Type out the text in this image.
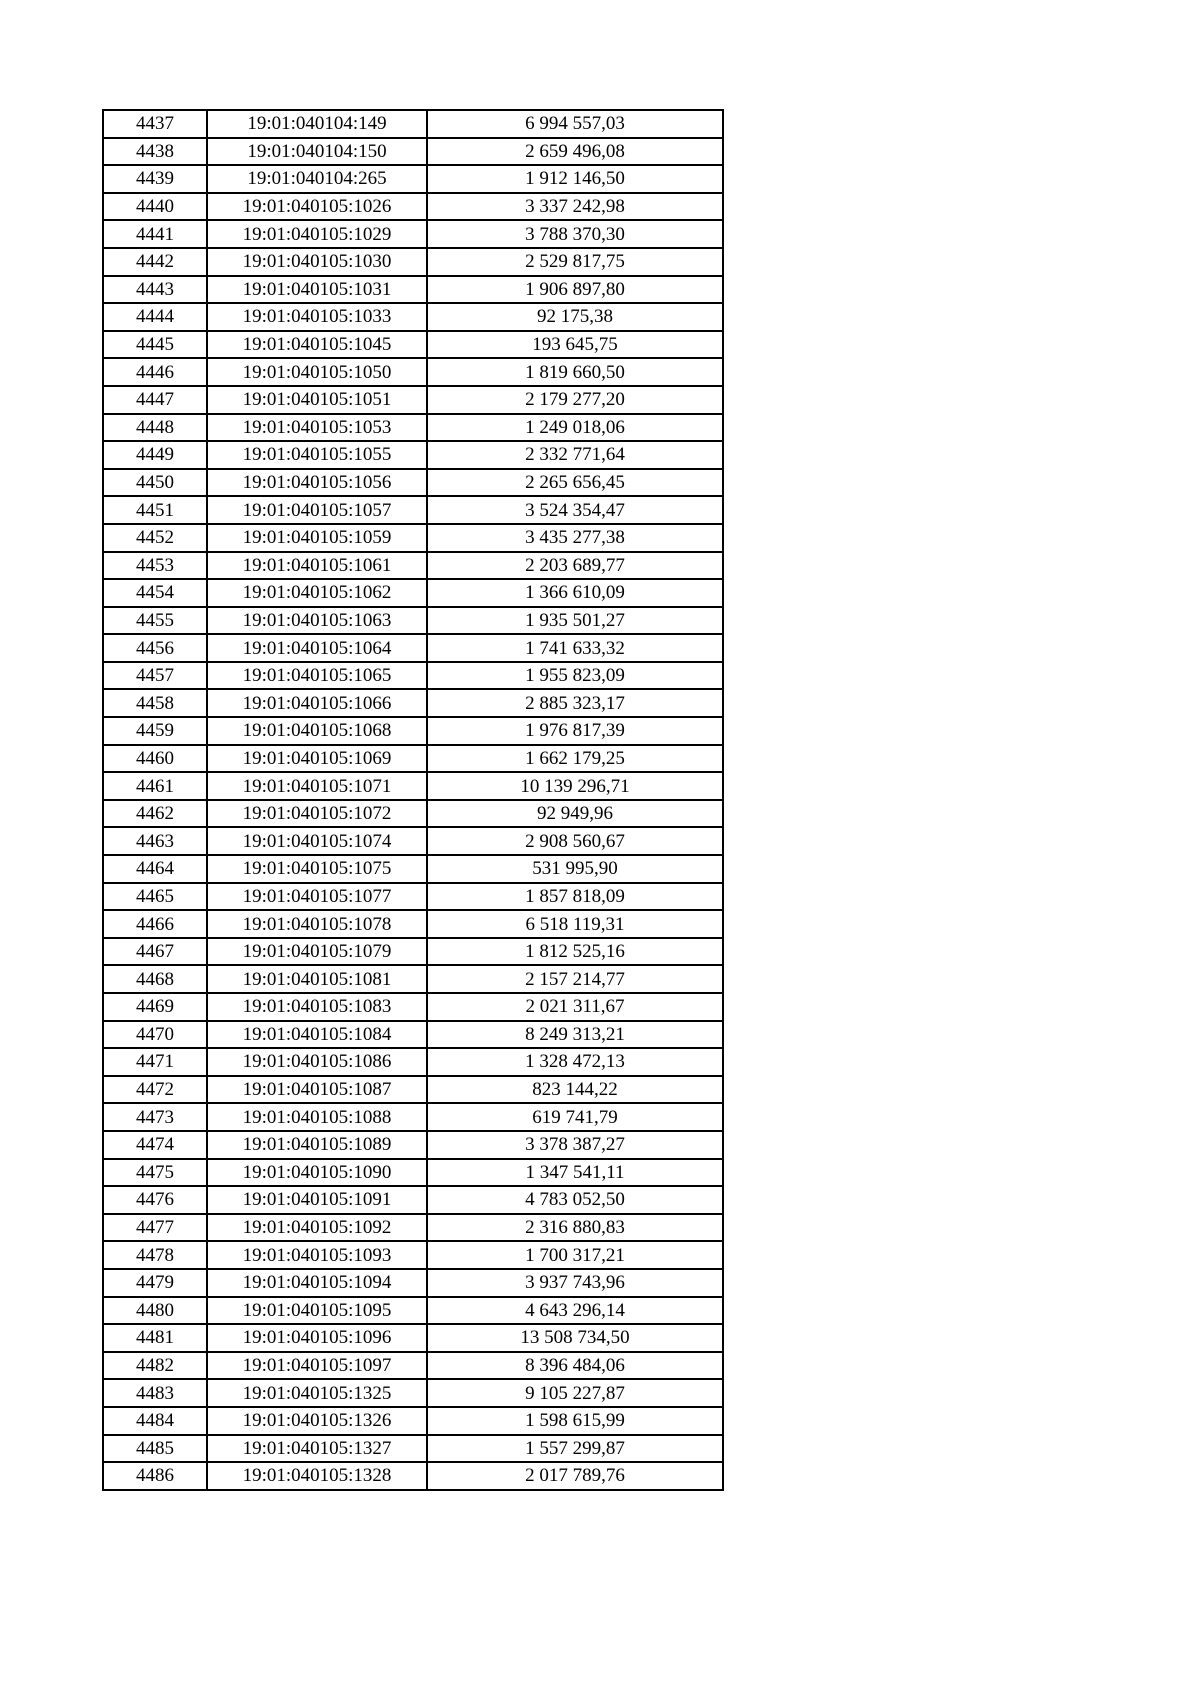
4437	19:01:040104:149	6 994 557,03
4438	19:01:040104:150	2 659 496,08
4439	19:01:040104:265	1 912 146,50
4440	19:01:040105:1026	3 337 242,98
4441	19:01:040105:1029	3 788 370,30
4442	19:01:040105:1030	2 529 817,75
4443	19:01:040105:1031	1 906 897,80
4444	19:01:040105:1033	92 175,38
4445	19:01:040105:1045	193 645,75
4446	19:01:040105:1050	1 819 660,50
4447	19:01:040105:1051	2 179 277,20
4448	19:01:040105:1053	1 249 018,06
4449	19:01:040105:1055	2 332 771,64
4450	19:01:040105:1056	2 265 656,45
4451	19:01:040105:1057	3 524 354,47
4452	19:01:040105:1059	3 435 277,38
4453	19:01:040105:1061	2 203 689,77
4454	19:01:040105:1062	1 366 610,09
4455	19:01:040105:1063	1 935 501,27
4456	19:01:040105:1064	1 741 633,32
4457	19:01:040105:1065	1 955 823,09
4458	19:01:040105:1066	2 885 323,17
4459	19:01:040105:1068	1 976 817,39
4460	19:01:040105:1069	1 662 179,25
4461	19:01:040105:1071	10 139 296,71
4462	19:01:040105:1072	92 949,96
4463	19:01:040105:1074	2 908 560,67
4464	19:01:040105:1075	531 995,90
4465	19:01:040105:1077	1 857 818,09
4466	19:01:040105:1078	6 518 119,31
4467	19:01:040105:1079	1 812 525,16
4468	19:01:040105:1081	2 157 214,77
4469	19:01:040105:1083	2 021 311,67
4470	19:01:040105:1084	8 249 313,21
4471	19:01:040105:1086	1 328 472,13
4472	19:01:040105:1087	823 144,22
4473	19:01:040105:1088	619 741,79
4474	19:01:040105:1089	3 378 387,27
4475	19:01:040105:1090	1 347 541,11
4476	19:01:040105:1091	4 783 052,50
4477	19:01:040105:1092	2 316 880,83
4478	19:01:040105:1093	1 700 317,21
4479	19:01:040105:1094	3 937 743,96
4480	19:01:040105:1095	4 643 296,14
4481	19:01:040105:1096	13 508 734,50
4482	19:01:040105:1097	8 396 484,06
4483	19:01:040105:1325	9 105 227,87
4484	19:01:040105:1326	1 598 615,99
4485	19:01:040105:1327	1 557 299,87
4486	19:01:040105:1328	2 017 789,76
